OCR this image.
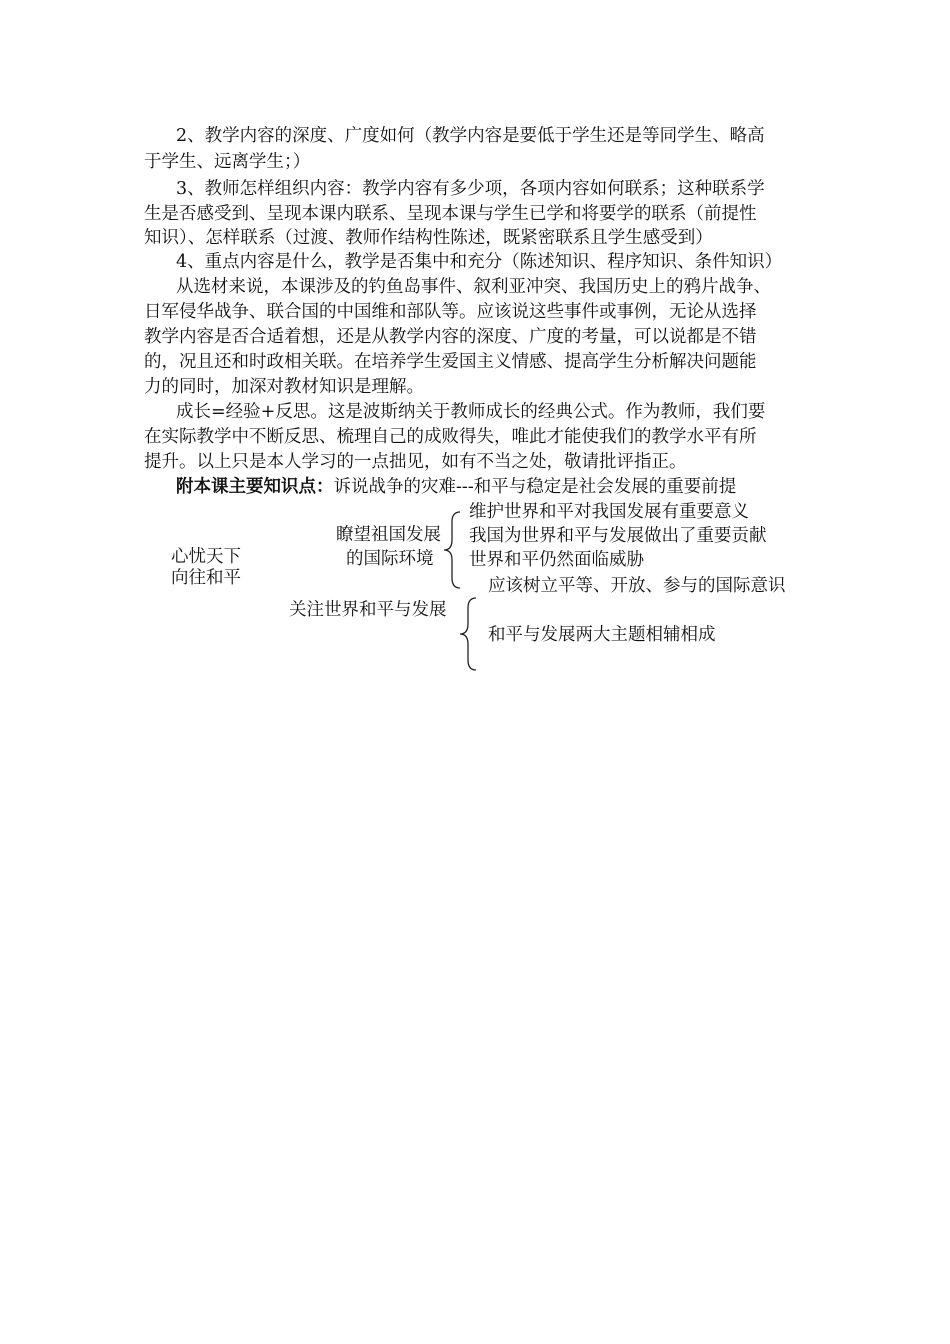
2、教学内容的深度、广度如何（教学内容是要低于学生还是等同学生、略高
于学生、远离学生；）
3、教师怎样组织内容：教学内容有多少项，各项内容如何联系；这种联系学
生是否感受到、呈现本课内联系、呈现本课与学生已学和将要学的联系（前提性
知识）、怎样联系（过渡、教师作结构性陈述，既紧密联系且学生感受到）
4、重点内容是什么，教学是否集中和充分（陈述知识、程序知识、条件知识）
从选材来说，本课涉及的钓鱼岛事件、叙利亚冲突、我国历史上的鸦片战争、
日军侵华战争、联合国的中国维和部队等。应该说这些事件或事例，无论从选择
教学内容是否合适着想，还是从教学内容的深度、广度的考量，可以说都是不错
的，况且还和时政相关联。在培养学生爱国主义情感、提高学生分析解决问题能
力的同时，加深对教材知识是理解。
成长=经验+反思。这是波斯纳关于教师成长的经典公式。作为教师，我们要
在实际教学中不断反思、梳理自己的成败得失，唯此才能使我们的教学水平有所
提升。以上只是本人学习的一点拙见，如有不当之处，敬请批评指正。
附本课主要知识点：诉说战争的灾难---和平与稳定是社会发展的重要前提
心忧天下
向往和平
瞭望祖国发展
的国际环境
维护世界和平对我国发展有重要意义
我国为世界和平与发展做出了重要贡献
世界和平仍然面临威胁
应该树立平等、开放、参与的国际意识
关注世界和平与发展
和平与发展两大主题相辅相成
